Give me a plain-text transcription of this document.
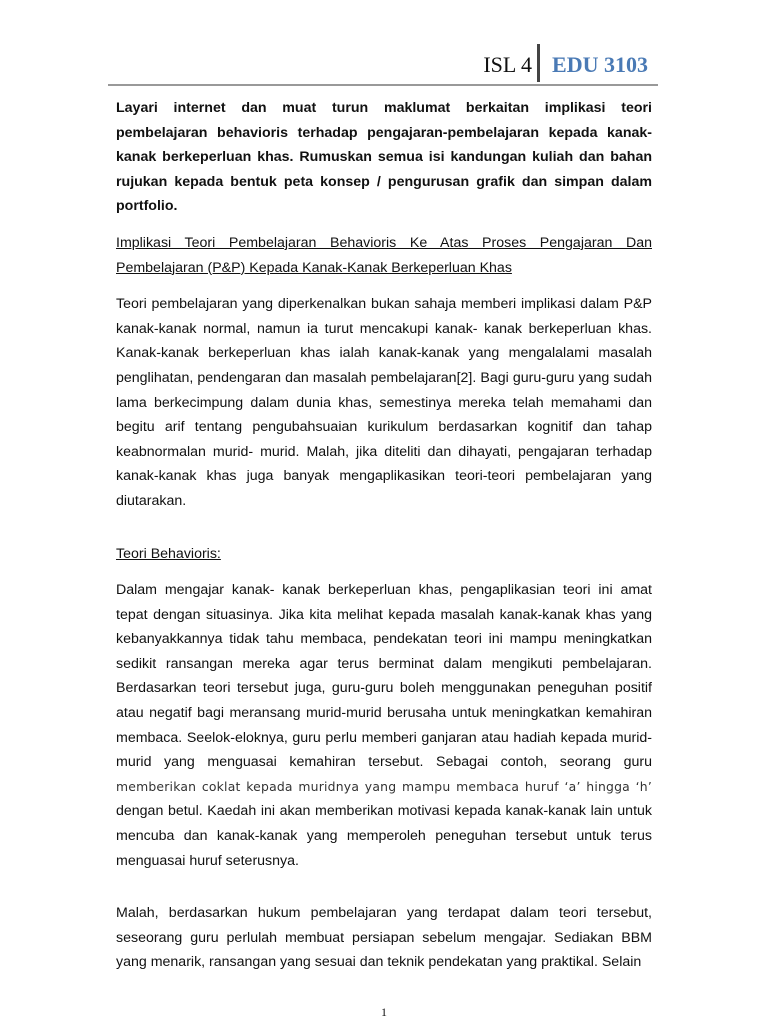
ISL 4 EDU 3103

Layari internet dan muat turun maklumat berkaitan implikasi teori pembelajaran behavioris terhadap pengajaran-pembelajaran kepada kanak-kanak berkeperluan khas. Rumuskan semua isi kandungan kuliah dan bahan rujukan kepada bentuk peta konsep / pengurusan grafik dan simpan dalam portfolio.

Implikasi Teori Pembelajaran Behavioris Ke Atas Proses Pengajaran Dan Pembelajaran (P&P) Kepada Kanak-Kanak Berkeperluan Khas

Teori pembelajaran yang diperkenalkan bukan sahaja memberi implikasi dalam P&P kanak-kanak normal, namun ia turut mencakupi kanak- kanak berkeperluan khas. Kanak-kanak berkeperluan khas ialah kanak-kanak yang mengalalami masalah penglihatan, pendengaran dan masalah pembelajaran[2]. Bagi guru-guru yang sudah lama berkecimpung dalam dunia khas, semestinya mereka telah memahami dan begitu arif tentang pengubahsuaian kurikulum berdasarkan kognitif dan tahap keabnormalan murid- murid. Malah, jika diteliti dan dihayati, pengajaran terhadap kanak-kanak khas juga banyak mengaplikasikan teori-teori pembelajaran yang diutarakan.

Teori Behavioris:

Dalam mengajar kanak- kanak berkeperluan khas, pengaplikasian teori ini amat tepat dengan situasinya. Jika kita melihat kepada masalah kanak-kanak khas yang kebanyakkannya tidak tahu membaca, pendekatan teori ini mampu meningkatkan sedikit ransangan mereka agar terus berminat dalam mengikuti pembelajaran. Berdasarkan teori tersebut juga, guru-guru boleh menggunakan peneguhan positif atau negatif bagi meransang murid-murid berusaha untuk meningkatkan kemahiran membaca. Seelok-eloknya, guru perlu memberi ganjaran atau hadiah kepada murid-murid yang menguasai kemahiran tersebut. Sebagai contoh, seorang guru memberikan coklat kepada muridnya yang mampu membaca huruf ‘a’ hingga ‘h’ dengan betul. Kaedah ini akan memberikan motivasi kepada kanak-kanak lain untuk mencuba dan kanak-kanak yang memperoleh peneguhan tersebut untuk terus menguasai huruf seterusnya.

Malah, berdasarkan hukum pembelajaran yang terdapat dalam teori tersebut, seseorang guru perlulah membuat persiapan sebelum mengajar. Sediakan BBM yang menarik, ransangan yang sesuai dan teknik pendekatan yang praktikal. Selain

1
